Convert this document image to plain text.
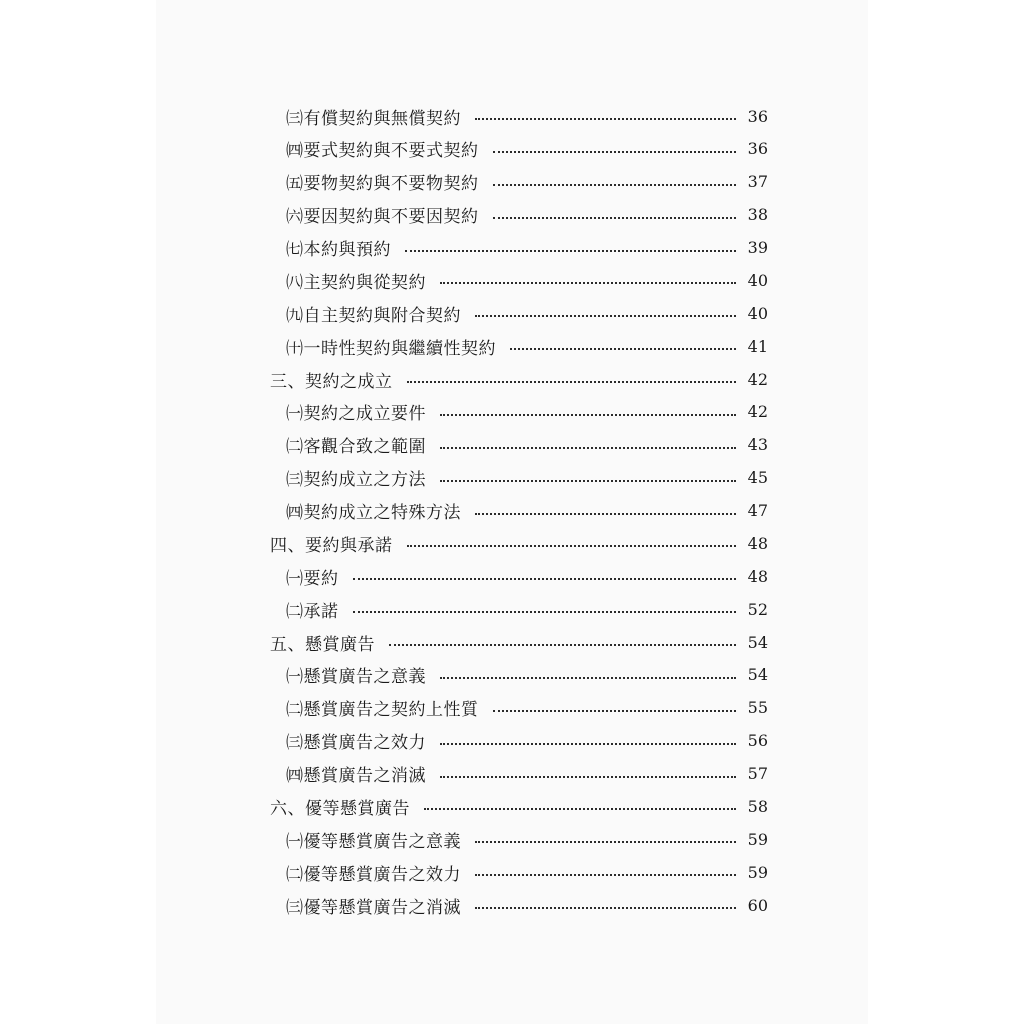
㈢有償契約與無償契約	36
㈣要式契約與不要式契約	36
㈤要物契約與不要物契約	37
㈥要因契約與不要因契約	38
㈦本約與預約	39
㈧主契約與從契約	40
㈨自主契約與附合契約	40
㈩一時性契約與繼續性契約	41
三、契約之成立	42
㈠契約之成立要件	42
㈡客觀合致之範圍	43
㈢契約成立之方法	45
㈣契約成立之特殊方法	47
四、要約與承諾	48
㈠要約	48
㈡承諾	52
五、懸賞廣告	54
㈠懸賞廣告之意義	54
㈡懸賞廣告之契約上性質	55
㈢懸賞廣告之效力	56
㈣懸賞廣告之消滅	57
六、優等懸賞廣告	58
㈠優等懸賞廣告之意義	59
㈡優等懸賞廣告之效力	59
㈢優等懸賞廣告之消滅	60
